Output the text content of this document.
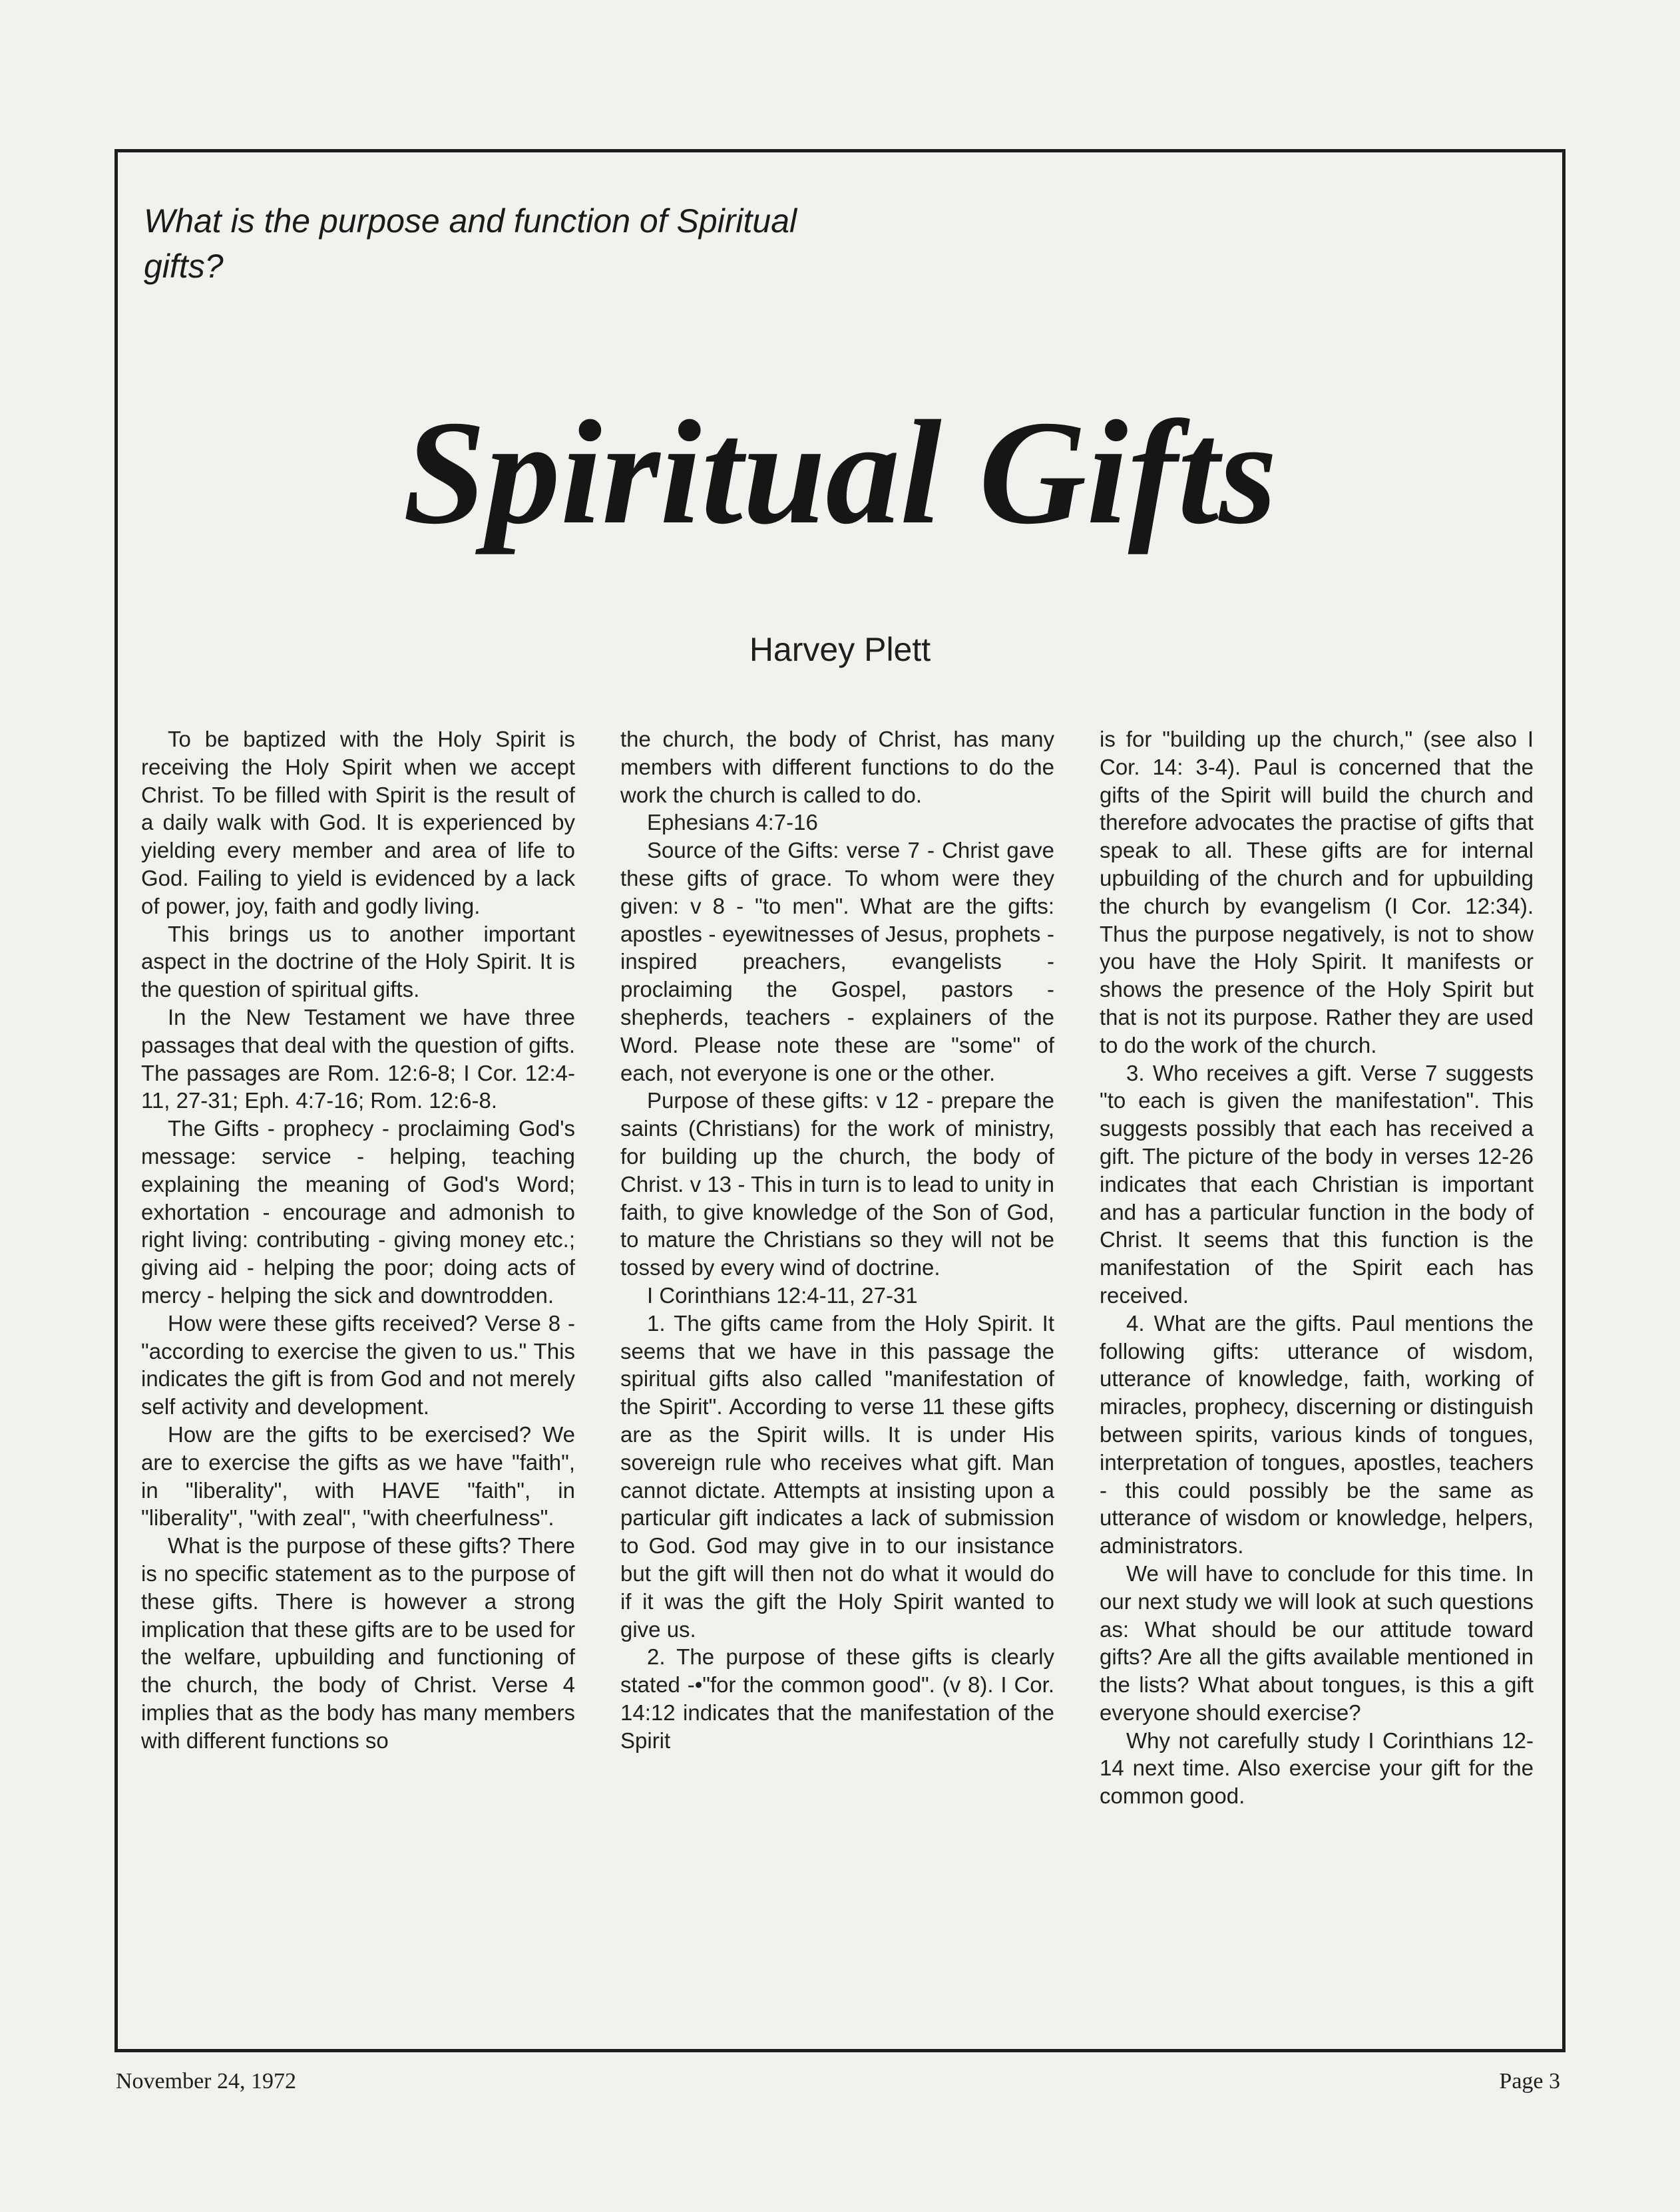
What is the purpose and function of Spiritual gifts?
Spiritual Gifts
Harvey Plett

To be baptized with the Holy Spirit is receiving the Holy Spirit when we accept Christ. To be filled with Spirit is the result of a daily walk with God. It is experienced by yielding every member and area of life to God. Failing to yield is evidenced by a lack of power, joy, faith and godly living.

This brings us to another important aspect in the doctrine of the Holy Spirit. It is the question of spiritual gifts.

In the New Testament we have three passages that deal with the question of gifts. The passages are Rom. 12:6-8; I Cor. 12:4-11, 27-31; Eph. 4:7-16; Rom. 12:6-8.

The Gifts - prophecy - proclaiming God's message: service - helping, teaching explaining the meaning of God's Word; exhortation - encourage and admonish to right living: contributing - giving money etc.; giving aid - helping the poor; doing acts of mercy - helping the sick and downtrodden.

How were these gifts received? Verse 8 - "according to exercise the given to us." This indicates the gift is from God and not merely self activity and development.

How are the gifts to be exercised? We are to exercise the gifts as we have "faith", in "liberality", with HAVE "faith", in "liberality", "with zeal", "with cheerfulness".

What is the purpose of these gifts? There is no specific statement as to the purpose of these gifts. There is however a strong implication that these gifts are to be used for the welfare, upbuilding and functioning of the church, the body of Christ. Verse 4 implies that as the body has many members with different functions so

the church, the body of Christ, has many members with different functions to do the work the church is called to do.

Ephesians 4:7-16

Source of the Gifts: verse 7 - Christ gave these gifts of grace. To whom were they given: v 8 - "to men". What are the gifts: apostles - eyewitnesses of Jesus, prophets - inspired preachers, evangelists - proclaiming the Gospel, pastors - shepherds, teachers - explainers of the Word. Please note these are "some" of each, not everyone is one or the other.

Purpose of these gifts: v 12 - prepare the saints (Christians) for the work of ministry, for building up the church, the body of Christ. v 13 - This in turn is to lead to unity in faith, to give knowledge of the Son of God, to mature the Christians so they will not be tossed by every wind of doctrine.

I Corinthians 12:4-11, 27-31

1. The gifts came from the Holy Spirit. It seems that we have in this passage the spiritual gifts also called "manifestation of the Spirit". According to verse 11 these gifts are as the Spirit wills. It is under His sovereign rule who receives what gift. Man cannot dictate. Attempts at insisting upon a particular gift indicates a lack of submission to God. God may give in to our insistance but the gift will then not do what it would do if it was the gift the Holy Spirit wanted to give us.

2. The purpose of these gifts is clearly stated -•"for the common good". (v 8). I Cor. 14:12 indicates that the manifestation of the Spirit

is for "building up the church," (see also I Cor. 14: 3-4). Paul is concerned that the gifts of the Spirit will build the church and therefore advocates the practise of gifts that speak to all. These gifts are for internal upbuilding of the church and for upbuilding the church by evangelism (I Cor. 12:34). Thus the purpose negatively, is not to show you have the Holy Spirit. It manifests or shows the presence of the Holy Spirit but that is not its purpose. Rather they are used to do the work of the church.

3. Who receives a gift. Verse 7 suggests "to each is given the manifestation". This suggests possibly that each has received a gift. The picture of the body in verses 12-26 indicates that each Christian is important and has a particular function in the body of Christ. It seems that this function is the manifestation of the Spirit each has received.

4. What are the gifts. Paul mentions the following gifts: utterance of wisdom, utterance of knowledge, faith, working of miracles, prophecy, discerning or distinguish between spirits, various kinds of tongues, interpretation of tongues, apostles, teachers - this could possibly be the same as utterance of wisdom or knowledge, helpers, administrators.

We will have to conclude for this time. In our next study we will look at such questions as: What should be our attitude toward gifts? Are all the gifts available mentioned in the lists? What about tongues, is this a gift everyone should exercise?

Why not carefully study I Corinthians 12-14 next time. Also exercise your gift for the common good.

November 24, 1972	Page 3
